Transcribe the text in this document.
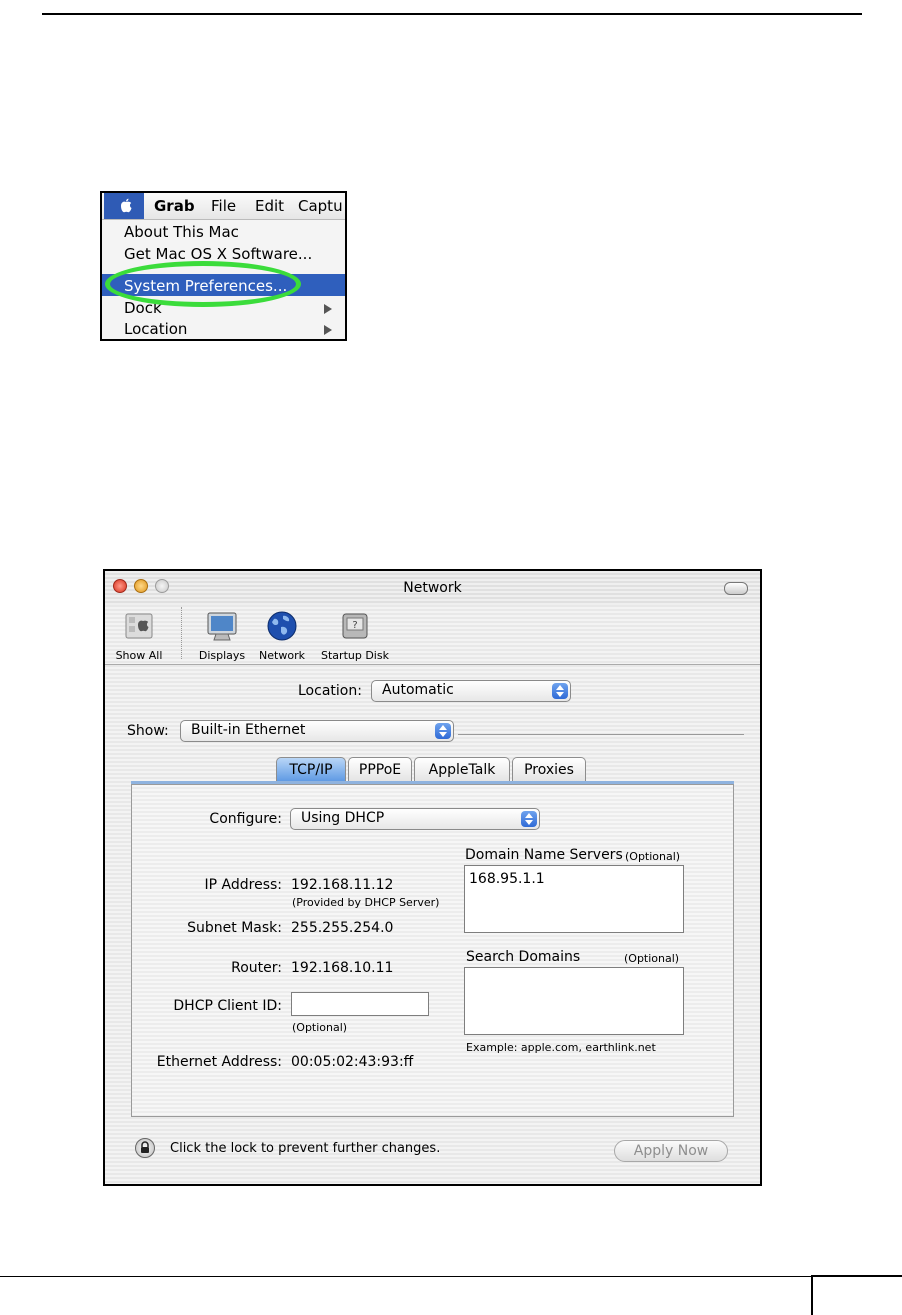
Grab File Edit Captu
About This Mac
Get Mac OS X Software...
System Preferences...
Dock
Location
Network
Show All	Displays	Network
?
Startup Disk
Location:	Automatic
Show:	Built-in Ethernet
TCP/IP	PPPoE	AppleTalk	Proxies
Configure:	Using DHCP
IP Address: 192.168.11.12
(Provided by DHCP Server)
Subnet Mask: 255.255.254.0
Router: 192.168.10.11
DHCP Client ID:
(Optional)
Ethernet Address: 00:05:02:43:93:ff
Domain Name Servers (Optional)
168.95.1.1
Search Domains	(Optional)
Example: apple.com, earthlink.net
Click the lock to prevent further changes.	Apply Now
